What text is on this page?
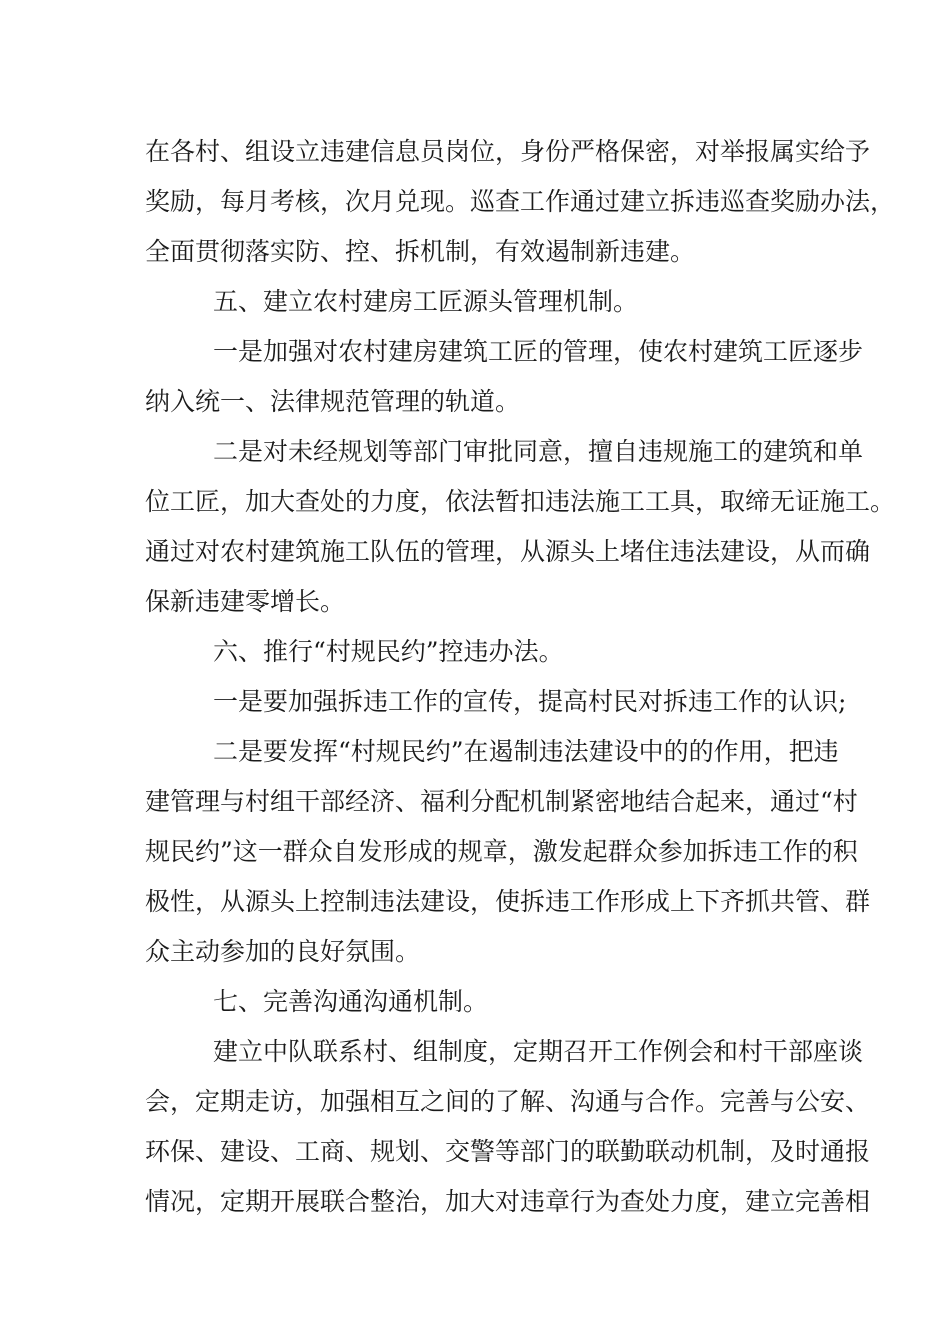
在各村、组设立违建信息员岗位，身份严格保密，对举报属实给予
奖励，每月考核，次月兑现。巡查工作通过建立拆违巡查奖励办法，
全面贯彻落实防、控、拆机制，有效遏制新违建。
五、建立农村建房工匠源头管理机制。
一是加强对农村建房建筑工匠的管理，使农村建筑工匠逐步
纳入统一、法律规范管理的轨道。
二是对未经规划等部门审批同意，擅自违规施工的建筑和单
位工匠，加大查处的力度，依法暂扣违法施工工具，取缔无证施工。
通过对农村建筑施工队伍的管理，从源头上堵住违法建设，从而确
保新违建零增长。
六、推行“村规民约”控违办法。
一是要加强拆违工作的宣传，提高村民对拆违工作的认识;
二是要发挥“村规民约”在遏制违法建设中的的作用，把违
建管理与村组干部经济、福利分配机制紧密地结合起来，通过“村
规民约”这一群众自发形成的规章，激发起群众参加拆违工作的积
极性，从源头上控制违法建设，使拆违工作形成上下齐抓共管、群
众主动参加的良好氛围。
七、完善沟通沟通机制。
建立中队联系村、组制度，定期召开工作例会和村干部座谈
会，定期走访，加强相互之间的了解、沟通与合作。完善与公安、
环保、建设、工商、规划、交警等部门的联勤联动机制，及时通报
情况，定期开展联合整治，加大对违章行为查处力度，建立完善相
